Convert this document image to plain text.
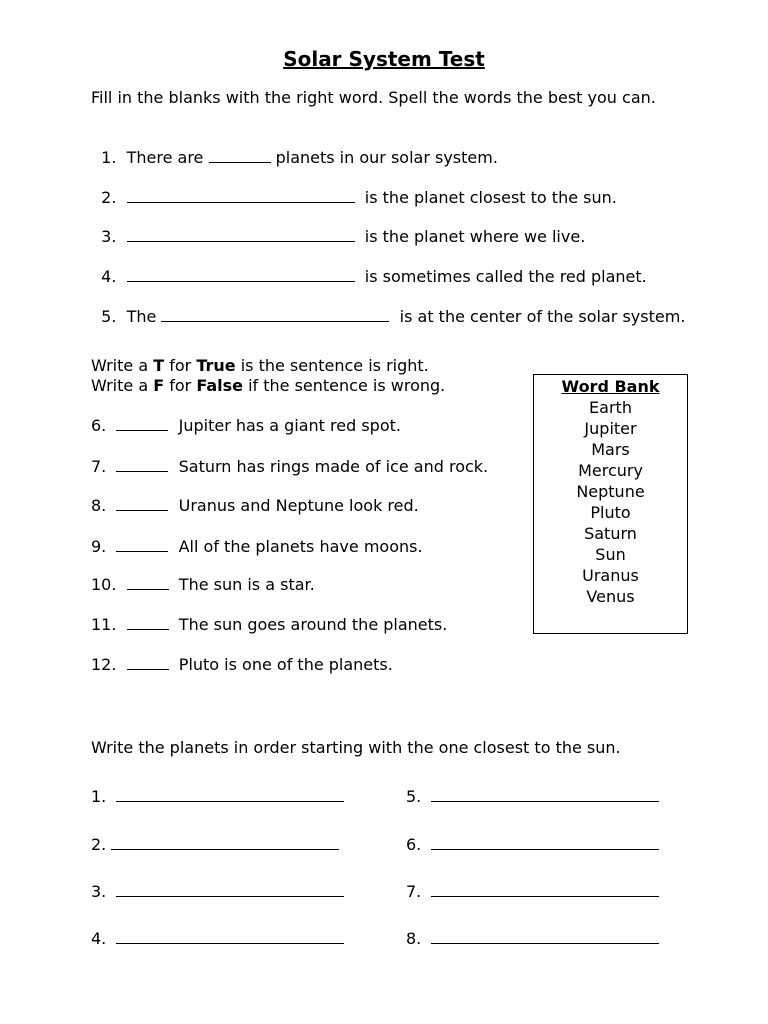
Solar System Test
Fill in the blanks with the right word. Spell the words the best you can.

1. There are	planets in our solar system.

2.	is the planet closest to the sun.

3.	is the planet where we live.

4.	is sometimes called the red planet.

5. The	is at the center of the solar system.

Write a T for True is the sentence is right.
Write a F for False if the sentence is wrong.
6.	Jupiter has a giant red spot.
7.	Saturn has rings made of ice and rock.
8.	Uranus and Neptune look red.
9.	All of the planets have moons.
10.	The sun is a star.
11.	The sun goes around the planets.
12.	Pluto is one of the planets.
Word Bank
Earth
Jupiter
Mars
Mercury
Neptune
Pluto
Saturn
Sun
Uranus
Venus
Write the planets in order starting with the one closest to the sun.
1.
2.
3.
4.
5.
6.
7.
8.
